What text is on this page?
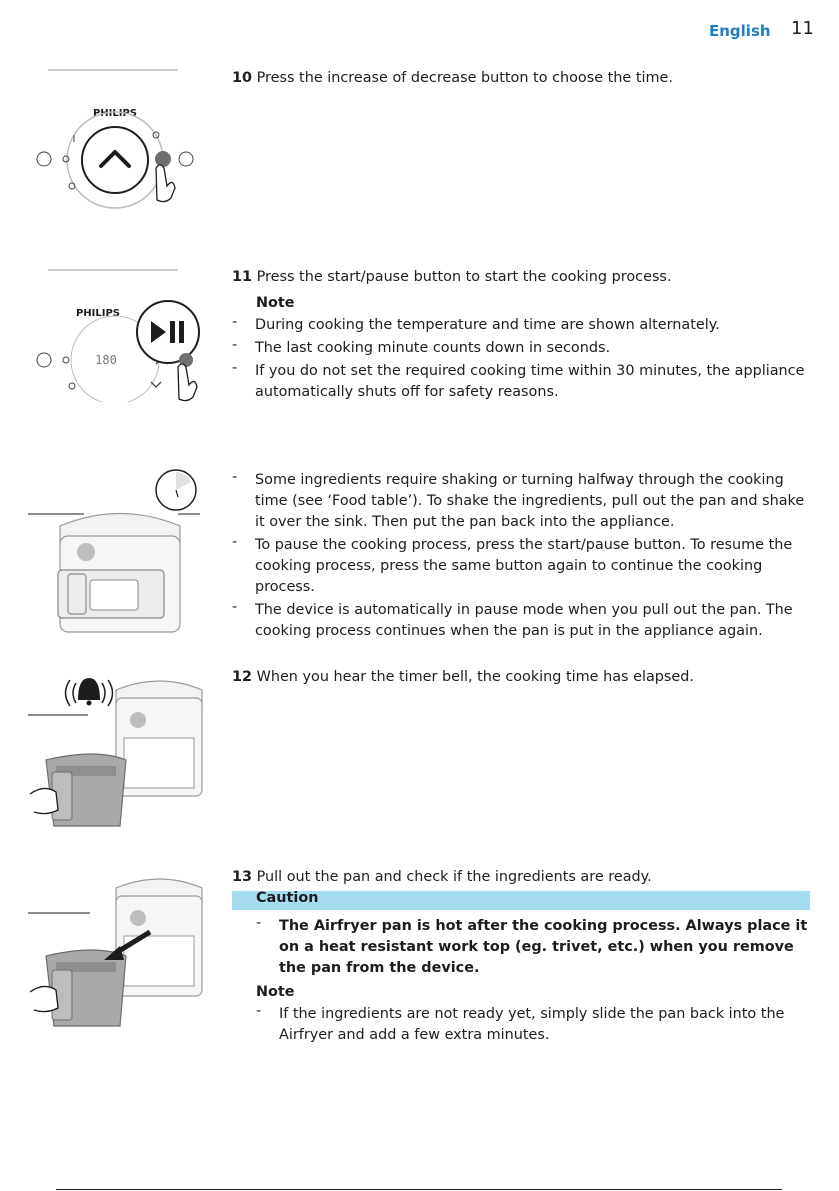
English 11
PHILIPS
10 Press the increase of decrease button to choose the time.
PHILIPS
180
11 Press the start/pause button to start the cooking process.
Note
- During cooking the temperature and time are shown alternately.
- The last cooking minute counts down in seconds.
- If you do not set the required cooking time within 30 minutes, the appliance automatically shuts off for safety reasons.
- Some ingredients require shaking or turning halfway through the cooking time (see ‘Food table’). To shake the ingredients, pull out the pan and shake it over the sink. Then put the pan back into the appliance.
- To pause the cooking process, press the start/pause button. To resume the cooking process, press the same button again to continue the cooking process.
- The device is automatically in pause mode when you pull out the pan. The cooking process continues when the pan is put in the appliance again.
12 When you hear the timer bell, the cooking time has elapsed.
13 Pull out the pan and check if the ingredients are ready.
Caution
- The Airfryer pan is hot after the cooking process. Always place it on a heat resistant work top (eg. trivet, etc.) when you remove the pan from the device.
Note
- If the ingredients are not ready yet, simply slide the pan back into the Airfryer and add a few extra minutes.
